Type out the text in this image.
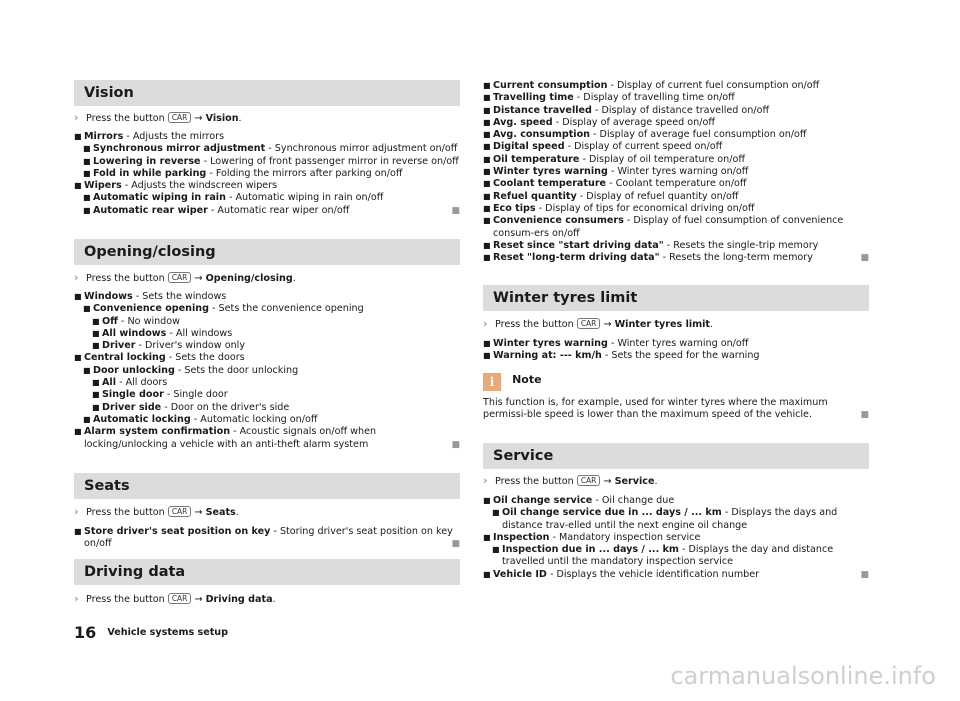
Vision
› Press the button CAR → Vision.
■ Mirrors - Adjusts the mirrors
■ Synchronous mirror adjustment - Synchronous mirror adjustment on/off
■ Lowering in reverse - Lowering of front passenger mirror in reverse on/off
■ Fold in while parking - Folding the mirrors after parking on/off
■ Wipers - Adjusts the windscreen wipers
■ Automatic wiping in rain - Automatic wiping in rain on/off
■ Automatic rear wiper - Automatic rear wiper on/off	■
Opening/closing
› Press the button CAR → Opening/closing.
■ Windows - Sets the windows
■ Convenience opening - Sets the convenience opening
■ Off - No window
■ All windows - All windows
■ Driver - Driver's window only
■ Central locking - Sets the doors
■ Door unlocking - Sets the door unlocking
■ All - All doors
■ Single door - Single door
■ Driver side - Door on the driver's side
■ Automatic locking - Automatic locking on/off
■ Alarm system confirmation - Acoustic signals on/off when locking/unlocking a vehicle with an anti-theft alarm system	■
Seats
› Press the button CAR → Seats.
■ Store driver's seat position on key - Storing driver's seat position on key on/off	■
Driving data
› Press the button CAR → Driving data.
■ Current consumption - Display of current fuel consumption on/off
■ Travelling time - Display of travelling time on/off
■ Distance travelled - Display of distance travelled on/off
■ Avg. speed - Display of average speed on/off
■ Avg. consumption - Display of average fuel consumption on/off
■ Digital speed - Display of current speed on/off
■ Oil temperature - Display of oil temperature on/off
■ Winter tyres warning - Winter tyres warning on/off
■ Coolant temperature - Coolant temperature on/off
■ Refuel quantity - Display of refuel quantity on/off
■ Eco tips - Display of tips for economical driving on/off
■ Convenience consumers - Display of fuel consumption of convenience consum-ers on/off
■ Reset since "start driving data" - Resets the single-trip memory
■ Reset "long-term driving data" - Resets the long-term memory	■
Winter tyres limit
› Press the button CAR → Winter tyres limit.
■ Winter tyres warning - Winter tyres warning on/off
■ Warning at: --- km/h - Sets the speed for the warning
i Note
This function is, for example, used for winter tyres where the maximum permissi-ble speed is lower than the maximum speed of the vehicle.	■
Service
› Press the button CAR → Service.
■ Oil change service - Oil change due
■ Oil change service due in ... days / ... km - Displays the days and distance trav-elled until the next engine oil change
■ Inspection - Mandatory inspection service
■ Inspection due in ... days / ... km - Displays the day and distance travelled until the mandatory inspection service
■ Vehicle ID - Displays the vehicle identification number	■
16 Vehicle systems setup
carmanualsonline.info
